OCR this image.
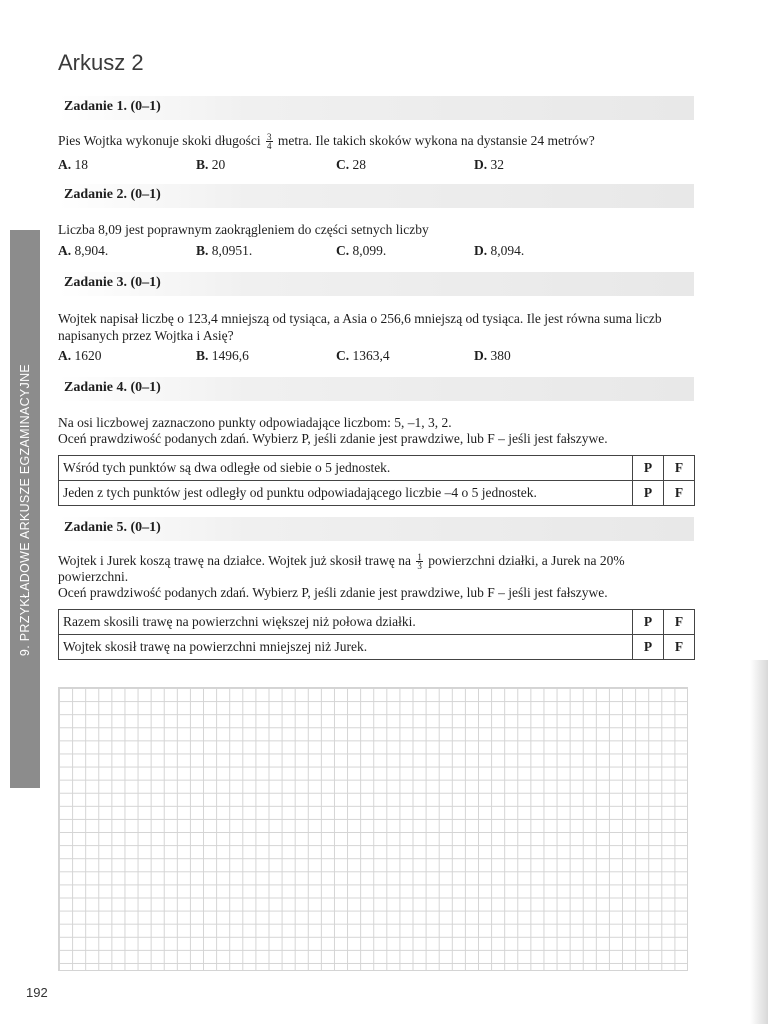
9. PRZYKŁADOWE ARKUSZE EGZAMINACYJNE
Arkusz 2
Zadanie 1. (0–1)
Pies Wojtka wykonuje skoki długości $\frac{3}{4}$ metra. Ile takich skoków wykona na dystansie 24 metrów?
A. 18	B. 20	C. 28	D. 32
Zadanie 2. (0–1)
Liczba 8,09 jest poprawnym zaokrągleniem do części setnych liczby
A. 8,904.	B. 8,0951.	C. 8,099.	D. 8,094.
Zadanie 3. (0–1)
Wojtek napisał liczbę o 123,4 mniejszą od tysiąca, a Asia o 256,6 mniejszą od tysiąca. Ile jest równa suma liczb
napisanych przez Wojtka i Asię?
A. 1620	B. 1496,6	C. 1363,4	D. 380
Zadanie 4. (0–1)
Na osi liczbowej zaznaczono punkty odpowiadające liczbom: 5, –1, 3, 2.
Oceń prawdziwość podanych zdań. Wybierz P, jeśli zdanie jest prawdziwe, lub F – jeśli jest fałszywe.
Wśród tych punktów są dwa odległe od siebie o 5 jednostek.	P	F
Jeden z tych punktów jest odległy od punktu odpowiadającego liczbie –4 o 5 jednostek.	P	F
Zadanie 5. (0–1)
Wojtek i Jurek koszą trawę na działce. Wojtek już skosił trawę na $\frac{1}{3}$ powierzchni działki, a Jurek na 20%
powierzchni.
Oceń prawdziwość podanych zdań. Wybierz P, jeśli zdanie jest prawdziwe, lub F – jeśli jest fałszywe.
Razem skosili trawę na powierzchni większej niż połowa działki.	P	F
Wojtek skosił trawę na powierzchni mniejszej niż Jurek.	P	F
192
